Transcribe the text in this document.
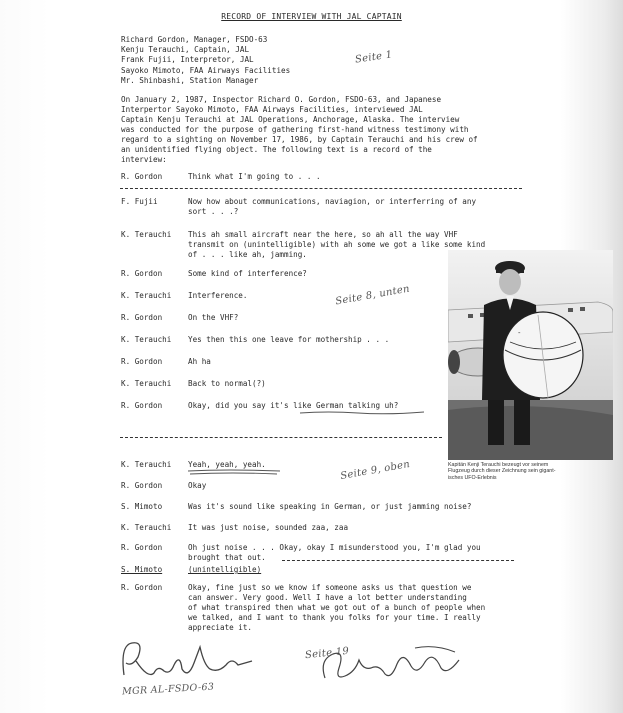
RECORD OF INTERVIEW WITH JAL CAPTAIN
Richard Gordon, Manager, FSDO-63
Kenju Terauchi, Captain, JAL
Frank Fujii, Interpretor, JAL
Sayoko Mimoto, FAA Airways Facilities
Mr. Shinbashi, Station Manager
Seite 1
On January 2, 1987, Inspector Richard O. Gordon, FSDO-63, and Japanese
Interpertor Sayoko Mimoto, FAA Airways Facilities, interviewed JAL
Captain Kenju Terauchi at JAL Operations, Anchorage, Alaska. The interview
was conducted for the purpose of gathering first-hand witness testimony with
regard to a sighting on November 17, 1986, by Captain Terauchi and his crew of
an unidentified flying object. The following text is a record of the
interview:
R. Gordon	Think what I'm going to . . .
F. Fujii	Now how about communications, naviagion, or interferring of any
sort . . .?
K. Terauchi	This ah small aircraft near the here, so ah all the way VHF
transmit on (unintelligible) with ah some we got a like some kind
of . . . like ah, jamming.
R. Gordon	Some kind of interference?
K. Terauchi	Interference.	Seite 8, unten
R. Gordon	On the VHF?
K. Terauchi	Yes then this one leave for mothership . . .
R. Gordon	Ah ha
K. Terauchi	Back to normal(?)
R. Gordon	Okay, did you say it's like German talking uh?
K. Terauchi	Yeah, yeah, yeah.	Seite 9, oben
R. Gordon	Okay
S. Mimoto	Was it's sound like speaking in German, or just jamming noise?
K. Terauchi	It was just noise, sounded zaa, zaa
R. Gordon	Oh just noise . . . Okay, okay I misunderstood you, I'm glad you
brought that out.
S. Mimoto	(unintelligible)
R. Gordon	Okay, fine just so we know if someone asks us that question we
can answer. Very good. Well I have a lot better understanding
of what transpired then what we got out of a bunch of people when
we talked, and I want to thank you folks for your time. I really
appreciate it.
-
Kapitän Kenji Terauchi bezeugt vor seinem
Flugzeug durch dieser Zeichnung sein gigant-
isches UFO-Erlebnis
MGR AL-FSDO-63
Seite 19
